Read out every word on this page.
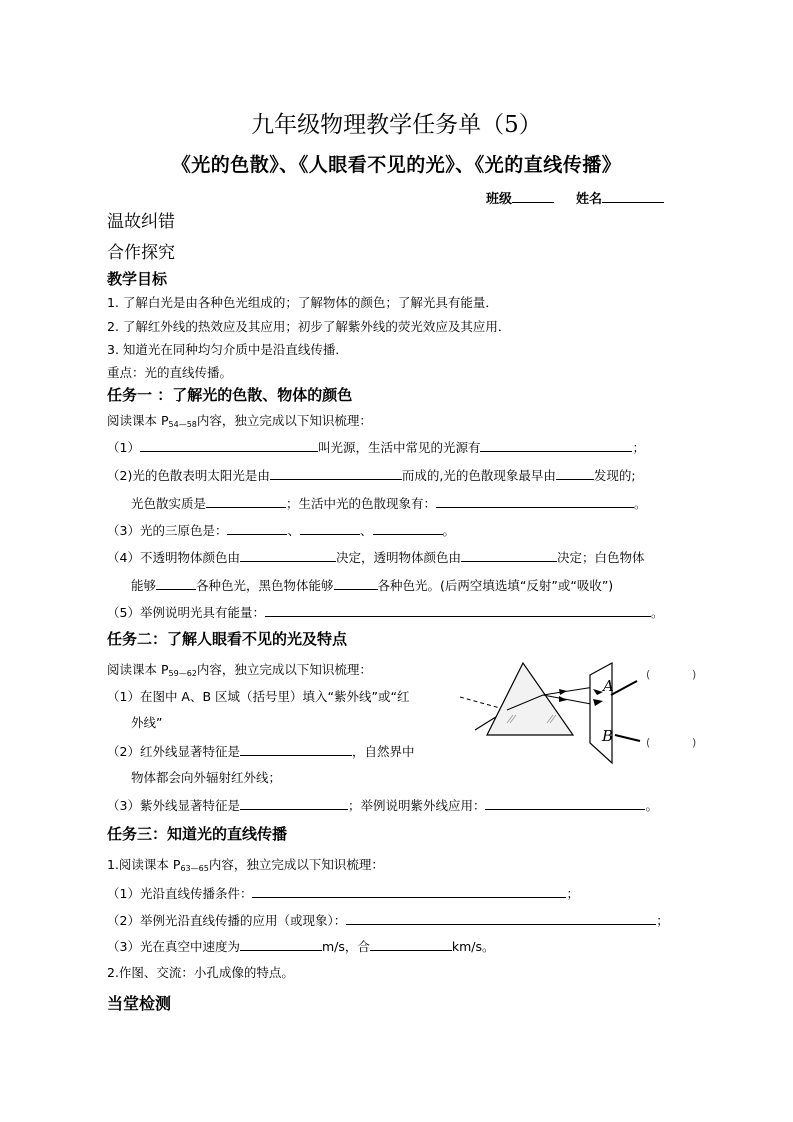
九年级物理教学任务单（5）
《光的色散》、《人眼看不见的光》、《光的直线传播》
班级	姓名
温故纠错
合作探究
教学目标
1. 了解白光是由各种色光组成的；了解物体的颜色；了解光具有能量．
2. 了解红外线的热效应及其应用；初步了解紫外线的荧光效应及其应用．
3. 知道光在同种均匀介质中是沿直线传播．
重点：光的直线传播。
任务一 ：了解光的色散、物体的颜色
阅读课本 $P_{54—58}$内容，独立完成以下知识梳理：
（1）	叫光源，生活中常见的光源有	；
（2)光的色散表明太阳光是由	而成的,光的色散现象最早由	发现的;
光色散实质是	；生活中光的色散现象有：	。
（3）光的三原色是：	、	、	。
（4）不透明物体颜色由	决定，透明物体颜色由	决定；白色物体
能够	各种色光，黑色物体能够	各种色光。(后两空填选填“反射”或“吸收”)
（5）举例说明光具有能量：	。
任务二：了解人眼看不见的光及特点
阅读课本 $P_{59—62}$内容，独立完成以下知识梳理：
（1）在图中 A、B 区域（括号里）填入“紫外线”或“红
外线”
（2）红外线显著特征是	，自然界中
物体都会向外辐射红外线；
（3）紫外线显著特征是	；举例说明紫外线应用：	。
A
B
(	)
(	)
任务三：知道光的直线传播
1.阅读课本 $P_{63—65}$内容，独立完成以下知识梳理：
（1）光沿直线传播条件：	；
（2）举例光沿直线传播的应用（或现象）：	；
（3）光在真空中速度为	m/s，合	km/s。
2.作图、交流：小孔成像的特点。
当堂检测
